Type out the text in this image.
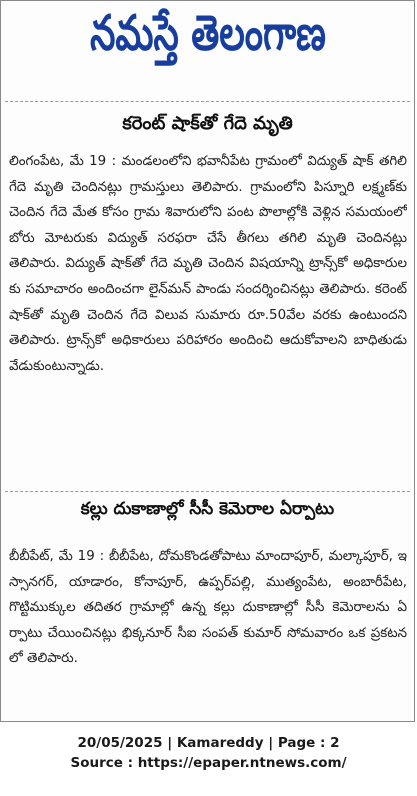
నమస్తే తెలంగాణ
కరెంట్ షాక్‌తో గేదె మృతి
లింగంపేట, మే 19 : మండలంలోని భవానీపేట గ్రామంలో విద్యుత్ షాక్ తగిలి గేదె మృతి చెందినట్లు గ్రామస్తులు తెలిపారు. గ్రామంలోని పిస్నూరి లక్ష్మణ్‌కు చెందిన గేదె మేత కోసం గ్రామ శివారులోని పంట పొలాల్లోకి వెళ్లిన సమయంలో బోరు మోటరుకు విద్యుత్ సరఫరా చేసే తీగలు తగిలి మృతి చెందినట్లు తెలిపారు. విద్యుత్ షాక్‌తో గేదె మృతి చెందిన విషయాన్ని ట్రాన్స్‌కో అధికారులకు సమాచారం అందించగా లైన్‌మన్ పాండు సందర్శించినట్లు తెలిపారు. కరెంట్ షాక్‌తో మృతి చెందిన గేదె విలువ సుమారు రూ.50వేల వరకు ఉంటుందని తెలిపారు. ట్రాన్స్‌కో అధికారులు పరిహారం అందించి ఆదుకోవాలని బాధితుడు వేడుకుంటున్నాడు.
కల్లు దుకాణాల్లో సీసీ కెమెరాల ఏర్పాటు
బీబీపేట్, మే 19 : బీబీపేట, దోమకొండతోపాటు మాందాపూర్, మల్కాపూర్, ఇస్సానగర్, యాడారం, కోనాపూర్, ఉప్పర్‌పల్లి, ముత్యంపేట, అంబారీపేట, గొట్టిముక్కుల తదితర గ్రామాల్లో ఉన్న కల్లు దుకాణాల్లో సీసీ కెమెరాలను ఏర్పాటు చేయించినట్లు భిక్కనూర్ సీఐ సంపత్ కుమార్ సోమవారం ఒక ప్రకటనలో తెలిపారు.
20/05/2025 | Kamareddy | Page : 2
Source : https://epaper.ntnews.com/
